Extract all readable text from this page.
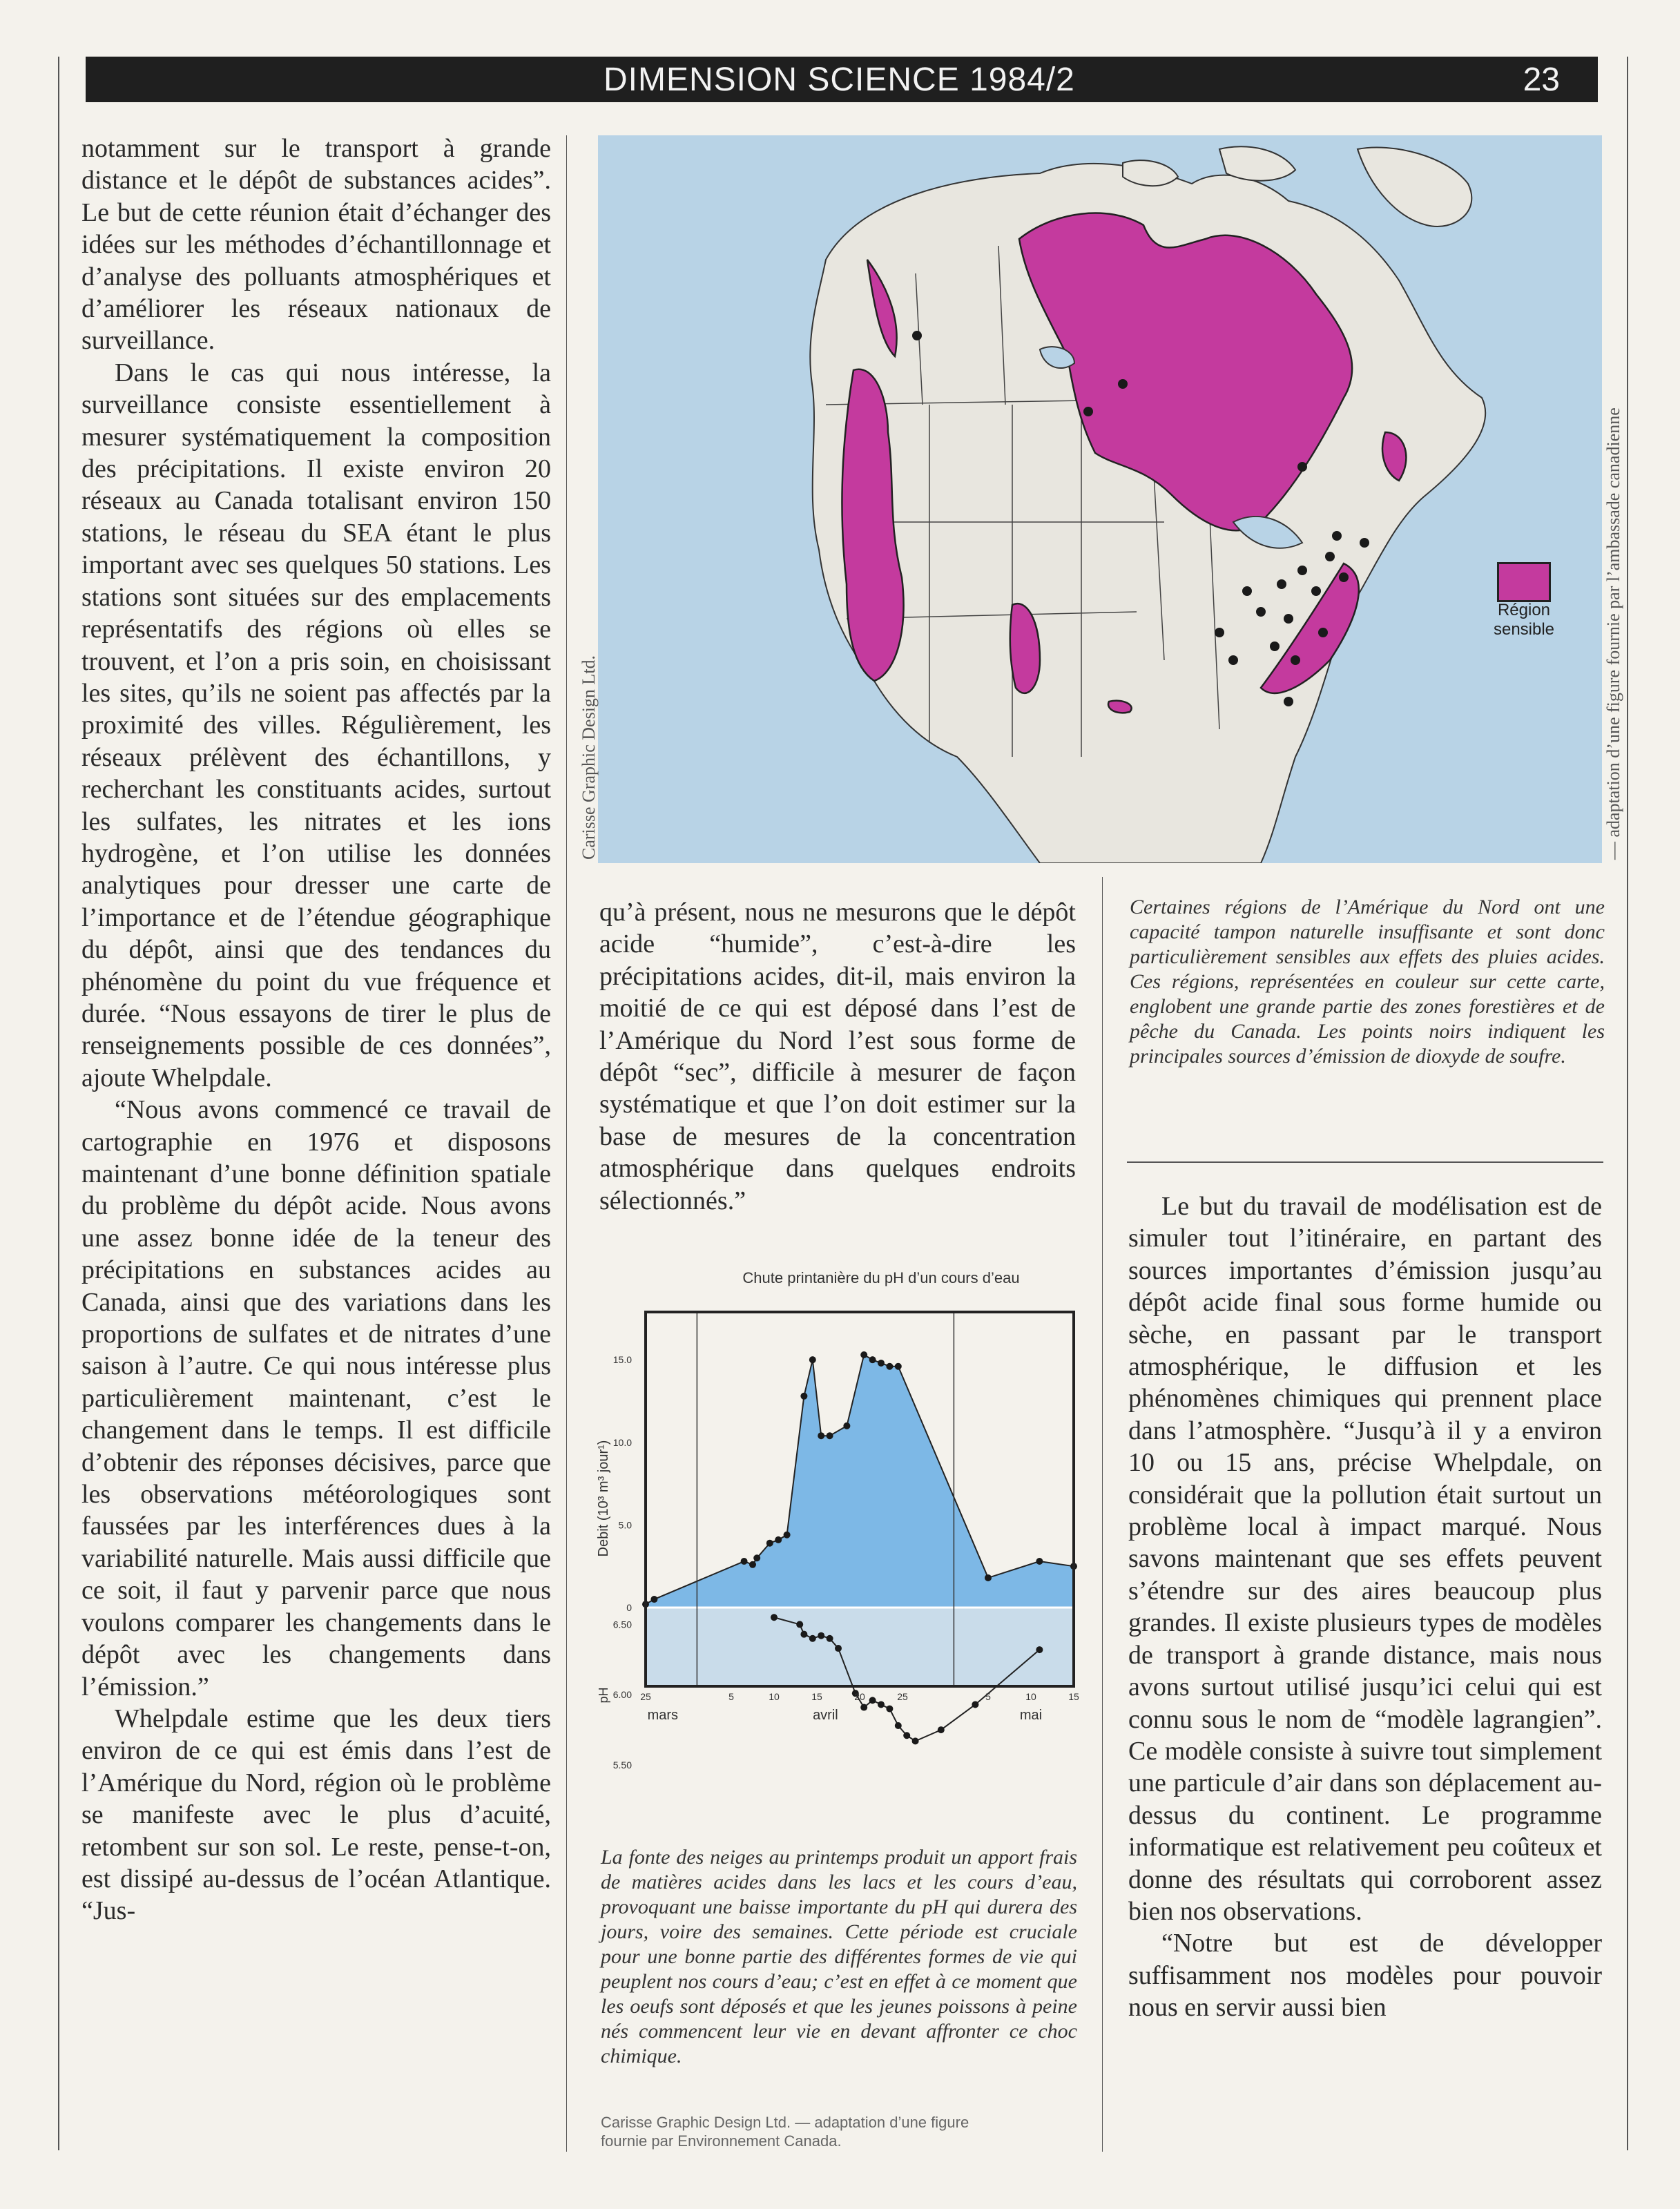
DIMENSION SCIENCE 1984/2	23

notamment sur le transport à grande distance et le dépôt de substances acides”. Le but de cette réunion était d’échanger des idées sur les méthodes d’échantillonnage et d’analyse des polluants atmosphériques et d’améliorer les réseaux nationaux de surveillance.

Dans le cas qui nous intéresse, la surveillance consiste essentiellement à mesurer systématiquement la composition des précipitations. Il existe environ 20 réseaux au Canada totalisant environ 150 stations, le réseau du SEA étant le plus important avec ses quelques 50 stations. Les stations sont situées sur des emplacements représentatifs des régions où elles se trouvent, et l’on a pris soin, en choisissant les sites, qu’ils ne soient pas affectés par la proximité des villes. Régulièrement, les réseaux prélèvent des échantillons, y recherchant les constituants acides, surtout les sulfates, les nitrates et les ions hydrogène, et l’on utilise les données analytiques pour dresser une carte de l’importance et de l’étendue géographique du dépôt, ainsi que des tendances du phénomène du point du vue fréquence et durée. “Nous essayons de tirer le plus de renseignements possible de ces données”, ajoute Whelpdale.

“Nous avons commencé ce travail de cartographie en 1976 et disposons maintenant d’une bonne définition spatiale du problème du dépôt acide. Nous avons une assez bonne idée de la teneur des précipitations en substances acides au Canada, ainsi que des variations dans les proportions de sulfates et de nitrates d’une saison à l’autre. Ce qui nous intéresse plus particulièrement maintenant, c’est le changement dans le temps. Il est difficile d’obtenir des réponses décisives, parce que les observations météorologiques sont faussées par les interférences dues à la variabilité naturelle. Mais aussi difficile que ce soit, il faut y parvenir parce que nous voulons comparer les changements dans le dépôt avec les changements dans l’émission.”

Whelpdale estime que les deux tiers environ de ce qui est émis dans l’est de l’Amérique du Nord, région où le problème se manifeste avec le plus d’acuité, retombent sur son sol. Le reste, pense-t-on, est dissipé au-dessus de l’océan Atlantique. “Jus-

Région
sensible
Carisse Graphic Design Ltd.	— adaptation d’une figure fournie par l’ambassade canadienne

qu’à présent, nous ne mesurons que le dépôt acide “humide”, c’est-à-dire les précipitations acides, dit-il, mais environ la moitié de ce qui est déposé dans l’est de l’Amérique du Nord l’est sous forme de dépôt “sec”, difficile à mesurer de façon systématique et que l’on doit estimer sur la base de mesures de la concentration atmosphérique dans quelques endroits sélectionnés.”

Certaines régions de l’Amérique du Nord ont une capacité tampon naturelle insuffisante et sont donc particulièrement sensibles aux effets des pluies acides. Ces régions, représentées en couleur sur cette carte, englobent une grande partie des zones forestières et de pêche du Canada. Les points noirs indiquent les principales sources d’émission de dioxyde de soufre.
Chute printanière du pH d’un cours d’eau
15.0
10.0
5.0
0
6.50
6.00
5.50
Debit (10³ m³ jour¹)
pH	25	5	10	15	20	25	5	10	15
mars	avril	mai
La fonte des neiges au printemps produit un apport frais de matières acides dans les lacs et les cours d’eau, provoquant une baisse importante du pH qui durera des jours, voire des semaines. Cette période est cruciale pour une bonne partie des différentes formes de vie qui peuplent nos cours d’eau; c’est en effet à ce moment que les oeufs sont déposés et que les jeunes poissons à peine nés commencent leur vie en devant affronter ce choc chimique.
Carisse Graphic Design Ltd. — adaptation d’une figure
fournie par Environnement Canada.

Le but du travail de modélisation est de simuler tout l’itinéraire, en partant des sources importantes d’émission jusqu’au dépôt acide final sous forme humide ou sèche, en passant par le transport atmosphérique, le diffusion et les phénomènes chimiques qui prennent place dans l’atmosphère. “Jusqu’à il y a environ 10 ou 15 ans, précise Whelpdale, on considérait que la pollution était surtout un problème local à impact marqué. Nous savons maintenant que ses effets peuvent s’étendre sur des aires beaucoup plus grandes. Il existe plusieurs types de modèles de transport à grande distance, mais nous avons surtout utilisé jusqu’ici celui qui est connu sous le nom de “modèle lagrangien”. Ce modèle consiste à suivre tout simplement une particule d’air dans son déplacement au-dessus du continent. Le programme informatique est relativement peu coûteux et donne des résultats qui corroborent assez bien nos observations.

“Notre but est de développer suffisamment nos modèles pour pouvoir nous en servir aussi bien
